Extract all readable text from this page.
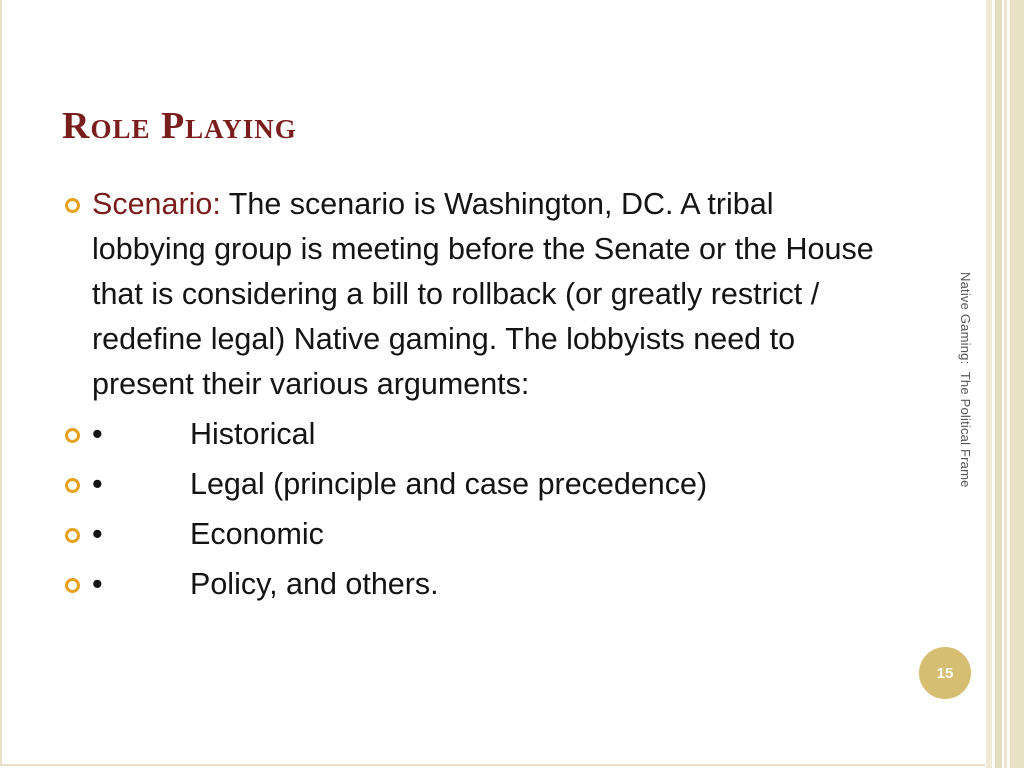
Role Playing
Scenario: The scenario is Washington, DC. A tribal lobbying group is meeting before the Senate or the House that is considering a bill to rollback (or greatly restrict / redefine legal) Native gaming. The lobbyists need to present their various arguments:
•	Historical
•	Legal (principle and case precedence)
•	Economic
•	Policy, and others.
Native Gaming:  The Political Frame
15
